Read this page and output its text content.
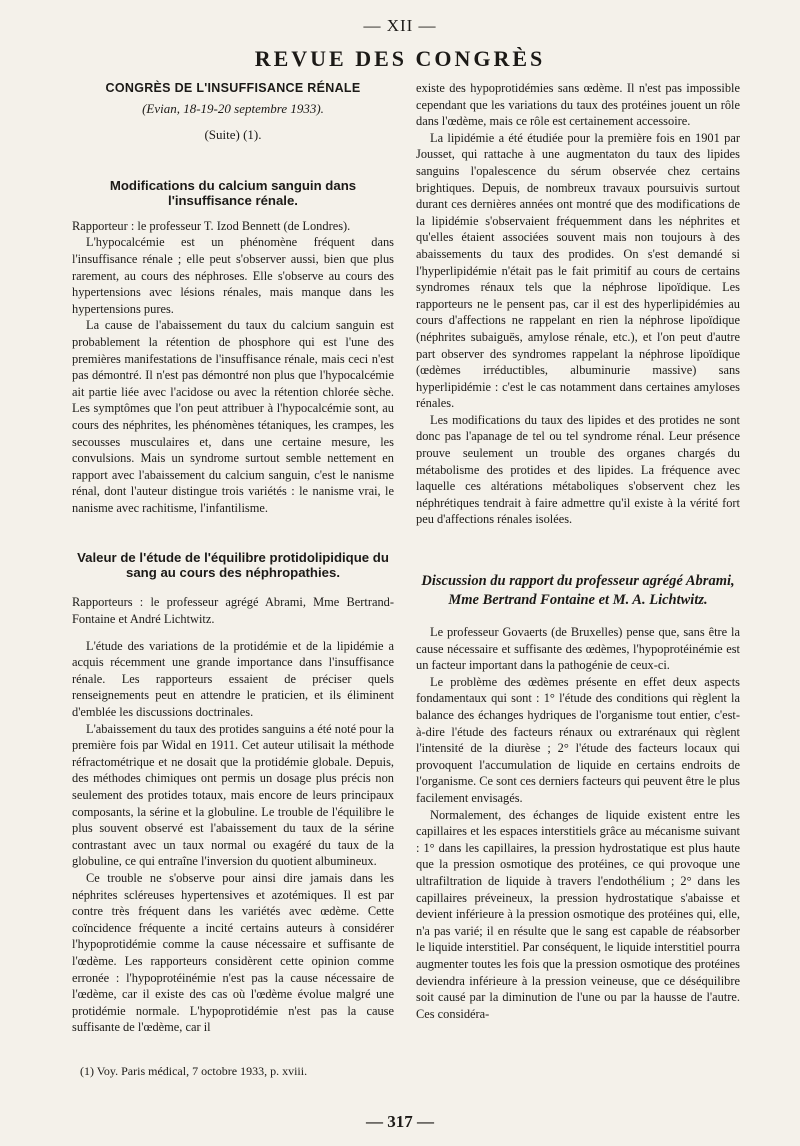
— XII —
REVUE DES CONGRÈS
CONGRÈS DE L'INSUFFISANCE RÉNALE
(Evian, 18-19-20 septembre 1933).
(Suite) (1).
Modifications du calcium sanguin dans l'insuffisance rénale.

Rapporteur : le professeur T. Izod Bennett (de Londres).

L'hypocalcémie est un phénomène fréquent dans l'insuffisance rénale ; elle peut s'observer aussi, bien que plus rarement, au cours des néphroses. Elle s'observe au cours des hypertensions avec lésions rénales, mais manque dans les hypertensions pures.

La cause de l'abaissement du taux du calcium sanguin est probablement la rétention de phosphore qui est l'une des premières manifestations de l'insuffisance rénale, mais ceci n'est pas démontré. Il n'est pas démontré non plus que l'hypocalcémie ait partie liée avec l'acidose ou avec la rétention chlorée sèche. Les symptômes que l'on peut attribuer à l'hypocalcémie sont, au cours des néphrites, les phénomènes tétaniques, les crampes, les secousses musculaires et, dans une certaine mesure, les convulsions. Mais un syndrome surtout semble nettement en rapport avec l'abaissement du calcium sanguin, c'est le nanisme rénal, dont l'auteur distingue trois variétés : le nanisme vrai, le nanisme avec rachitisme, l'infantilisme.

Valeur de l'étude de l'équilibre protidolipidique du sang au cours des néphropathies.

Rapporteurs : le professeur agrégé Abrami, Mme Bertrand-Fontaine et André Lichtwitz.

L'étude des variations de la protidémie et de la lipidémie a acquis récemment une grande importance dans l'insuffisance rénale. Les rapporteurs essaient de préciser quels renseignements peut en attendre le praticien, et ils éliminent d'emblée les discussions doctrinales.

L'abaissement du taux des protides sanguins a été noté pour la première fois par Widal en 1911. Cet auteur utilisait la méthode réfractométrique et ne dosait que la protidémie globale. Depuis, des méthodes chimiques ont permis un dosage plus précis non seulement des protides totaux, mais encore de leurs principaux composants, la sérine et la globuline. Le trouble de l'équilibre le plus souvent observé est l'abaissement du taux de la sérine contrastant avec un taux normal ou exagéré du taux de la globuline, ce qui entraîne l'inversion du quotient albumineux.

Ce trouble ne s'observe pour ainsi dire jamais dans les néphrites scléreuses hypertensives et azotémiques. Il est par contre très fréquent dans les variétés avec œdème. Cette coïncidence fréquente a incité certains auteurs à considérer l'hypoprotidémie comme la cause nécessaire et suffisante de l'œdème. Les rapporteurs considèrent cette opinion comme erronée : l'hypoprotéinémie n'est pas la cause nécessaire de l'œdème, car il existe des cas où l'œdème évolue malgré une protidémie normale. L'hypoprotidémie n'est pas la cause suffisante de l'œdème, car il

existe des hypoprotidémies sans œdème. Il n'est pas impossible cependant que les variations du taux des protéines jouent un rôle dans l'œdème, mais ce rôle est certainement accessoire.

La lipidémie a été étudiée pour la première fois en 1901 par Jousset, qui rattache à une augmentaton du taux des lipides sanguins l'opalescence du sérum observée chez certains brightiques. Depuis, de nombreux travaux poursuivis surtout durant ces dernières années ont montré que des modifications de la lipidémie s'observaient fréquemment dans les néphrites et qu'elles étaient associées souvent mais non toujours à des abaissements du taux des prodides. On s'est demandé si l'hyperlipidémie n'était pas le fait primitif au cours de certains syndromes rénaux tels que la néphrose lipoïdique. Les rapporteurs ne le pensent pas, car il est des hyperlipidémies au cours d'affections ne rappelant en rien la néphrose lipoïdique (néphrites subaiguës, amylose rénale, etc.), et l'on peut d'autre part observer des syndromes rappelant la néphrose lipoïdique (œdèmes irréductibles, albuminurie massive) sans hyperlipidémie : c'est le cas notamment dans certaines amyloses rénales.

Les modifications du taux des lipides et des protides ne sont donc pas l'apanage de tel ou tel syndrome rénal. Leur présence prouve seulement un trouble des organes chargés du métabolisme des protides et des lipides. La fréquence avec laquelle ces altérations métaboliques s'observent chez les néphrétiques tendrait à faire admettre qu'il existe à la vérité fort peu d'affections rénales isolées.

Discussion du rapport du professeur agrégé Abrami, Mme Bertrand Fontaine et M. A. Lichtwitz.

Le professeur Govaerts (de Bruxelles) pense que, sans être la cause nécessaire et suffisante des œdèmes, l'hypoprotéinémie est un facteur important dans la pathogénie de ceux-ci.

Le problème des œdèmes présente en effet deux aspects fondamentaux qui sont : 1° l'étude des conditions qui règlent la balance des échanges hydriques de l'organisme tout entier, c'est-à-dire l'étude des facteurs rénaux ou extrarénaux qui règlent l'intensité de la diurèse ; 2° l'étude des facteurs locaux qui provoquent l'accumulation de liquide en certains endroits de l'organisme. Ce sont ces derniers facteurs qui peuvent être le plus facilement envisagés.

Normalement, des échanges de liquide existent entre les capillaires et les espaces interstitiels grâce au mécanisme suivant : 1° dans les capillaires, la pression hydrostatique est plus haute que la pression osmotique des protéines, ce qui provoque une ultrafiltration de liquide à travers l'endothélium ; 2° dans les capillaires préveineux, la pression hydrostatique s'abaisse et devient inférieure à la pression osmotique des protéines qui, elle, n'a pas varié; il en résulte que le sang est capable de réabsorber le liquide interstitiel. Par conséquent, le liquide interstitiel pourra augmenter toutes les fois que la pression osmotique des protéines deviendra inférieure à la pression veineuse, que ce déséquilibre soit causé par la diminution de l'une ou par la hausse de l'autre. Ces considéra-

(1) Voy. Paris médical, 7 octobre 1933, p. xviii.
— 317 —
